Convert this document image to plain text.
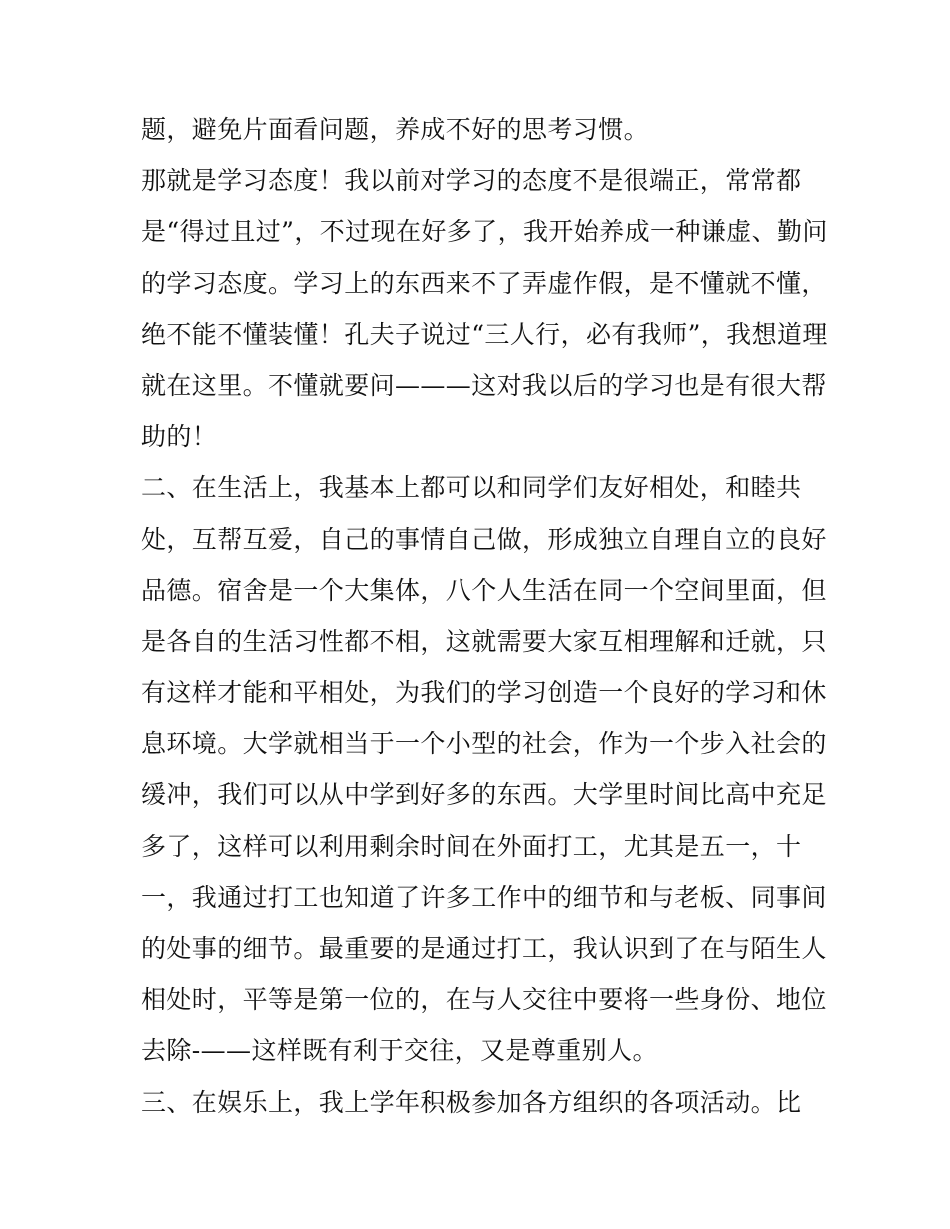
题，避免片面看问题，养成不好的思考习惯。
那就是学习态度！我以前对学习的态度不是很端正，常常都
是“得过且过”，不过现在好多了，我开始养成一种谦虚、勤问
的学习态度。学习上的东西来不了弄虚作假，是不懂就不懂，
绝不能不懂装懂！孔夫子说过“三人行，必有我师”，我想道理
就在这里。不懂就要问———这对我以后的学习也是有很大帮
助的！
二、在生活上，我基本上都可以和同学们友好相处，和睦共
处，互帮互爱，自己的事情自己做，形成独立自理自立的良好
品德。宿舍是一个大集体，八个人生活在同一个空间里面，但
是各自的生活习性都不相，这就需要大家互相理解和迁就，只
有这样才能和平相处，为我们的学习创造一个良好的学习和休
息环境。大学就相当于一个小型的社会，作为一个步入社会的
缓冲，我们可以从中学到好多的东西。大学里时间比高中充足
多了，这样可以利用剩余时间在外面打工，尤其是五一，十
一，我通过打工也知道了许多工作中的细节和与老板、同事间
的处事的细节。最重要的是通过打工，我认识到了在与陌生人
相处时，平等是第一位的，在与人交往中要将一些身份、地位
去除-——这样既有利于交往，又是尊重别人。
三、在娱乐上，我上学年积极参加各方组织的各项活动。比
